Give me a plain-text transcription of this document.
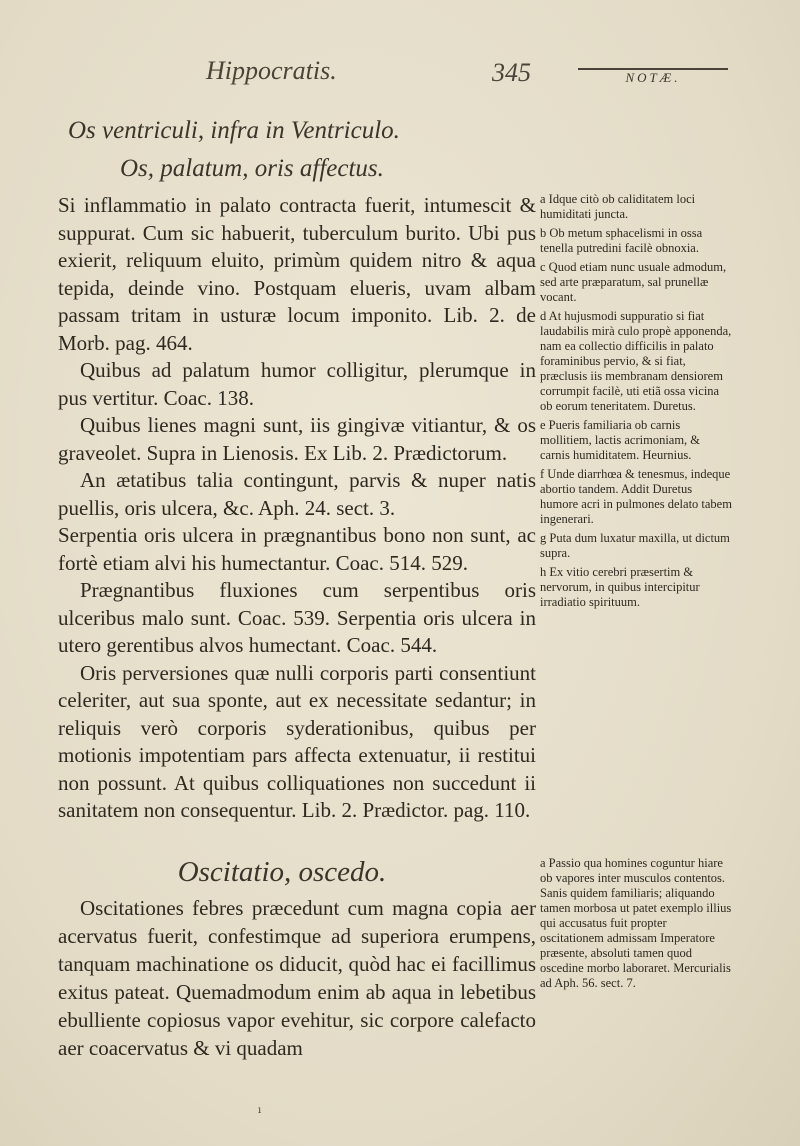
Hippocratis.	345	NOTÆ.
Os ventriculi, infra in Ventriculo.
Os, palatum, oris affectus.

Si inflammatio in palato contracta fuerit, intumescit & suppurat. Cum sic habuerit, tuberculum burito. Ubi pus exierit, reliquum eluito, primùm quidem nitro & aqua tepida, deinde vino. Postquam elueris, uvam albam passam tritam in usturæ locum imponito. Lib. 2. de Morb. pag. 464.

Quibus ad palatum humor colligitur, plerumque in pus vertitur. Coac. 138.

Quibus lienes magni sunt, iis gingivæ vitiantur, & os graveolet. Supra in Lienosis. Ex Lib. 2. Prædictorum.

An ætatibus talia contingunt, parvis & nuper natis puellis, oris ulcera, &c. Aph. 24. sect. 3.

Serpentia oris ulcera in prægnantibus bono non sunt, ac fortè etiam alvi his humectantur. Coac. 514. 529.

Prægnantibus fluxiones cum serpentibus oris ulceribus malo sunt. Coac. 539. Serpentia oris ulcera in utero gerentibus alvos humectant. Coac. 544.

Oris perversiones quæ nulli corporis parti consentiunt celeriter, aut sua sponte, aut ex necessitate sedantur; in reliquis verò corporis syderationibus, quibus per motionis impotentiam pars affecta extenuatur, ii restitui non possunt. At quibus colliquationes non succedunt ii sanitatem non consequentur. Lib. 2. Prædictor. pag. 110.

Oscitatio, oscedo.

Oscitationes febres præcedunt cum magna copia aer acervatus fuerit, confestimque ad superiora erumpens, tanquam machinatione os diducit, quòd hac ei facillimus exitus pateat. Quemadmodum enim ab aqua in lebetibus ebulliente copiosus vapor evehitur, sic corpore calefacto aer coacervatus & vi quadam

a Idque citò ob caliditatem loci humiditati juncta.

b Ob metum sphacelismi in ossa tenella putredini facilè obnoxia.

c Quod etiam nunc usuale admodum, sed arte præparatum, sal prunellæ vocant.

d At hujusmodi suppuratio si fiat laudabilis mirà culo propè apponenda, nam ea collectio difficilis in palato foraminibus pervio, & si fiat, præclusis iis membranam densiorem corrumpit facilè, uti etiã ossa vicina ob eorum teneritatem. Duretus.

e Pueris familiaria ob carnis mollitiem, lactis acrimoniam, & carnis humiditatem. Heurnius.

f Unde diarrhœa & tenesmus, indeque abortio tandem. Addit Duretus humore acri in pulmones delato tabem ingenerari.

g Puta dum luxatur maxilla, ut dictum supra.

h Ex vitio cerebri præsertim & nervorum, in quibus intercipitur irradiatio spirituum.

a Passio qua homines coguntur hiare ob vapores inter musculos contentos. Sanis quidem familiaris; aliquando tamen morbosa ut patet exemplo illius qui accusatus fuit propter oscitationem admissam Imperatore præsente, absoluti tamen quod oscedine morbo laboraret. Mercurialis ad Aph. 56. sect. 7.

ı
